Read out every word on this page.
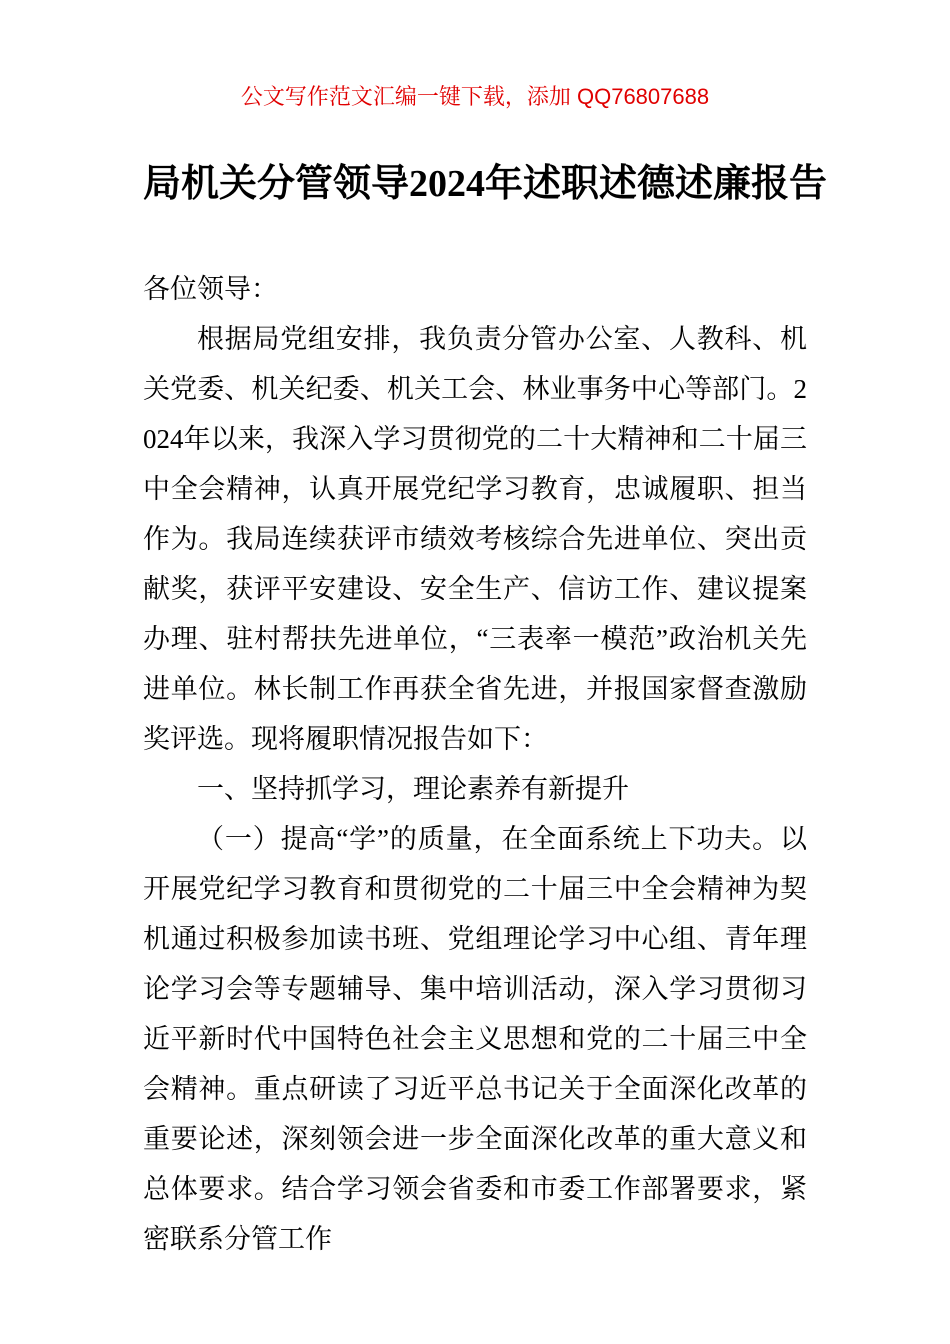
公文写作范文汇编一键下载，添加 QQ76807688
局机关分管领导2024年述职述德述廉报告

各位领导：

根据局党组安排，我负责分管办公室、人教科、机关党委、机关纪委、机关工会、林业事务中心等部门。2024年以来，我深入学习贯彻党的二十大精神和二十届三中全会精神，认真开展党纪学习教育，忠诚履职、担当作为。我局连续获评市绩效考核综合先进单位、突出贡献奖，获评平安建设、安全生产、信访工作、建议提案办理、驻村帮扶先进单位，“三表率一模范”政治机关先进单位。林长制工作再获全省先进，并报国家督查激励奖评选。现将履职情况报告如下：

一、坚持抓学习，理论素养有新提升

（一）提高“学”的质量，在全面系统上下功夫。以开展党纪学习教育和贯彻党的二十届三中全会精神为契机通过积极参加读书班、党组理论学习中心组、青年理论学习会等专题辅导、集中培训活动，深入学习贯彻习近平新时代中国特色社会主义思想和党的二十届三中全会精神。重点研读了习近平总书记关于全面深化改革的重要论述，深刻领会进一步全面深化改革的重大意义和总体要求。结合学习领会省委和市委工作部署要求，紧密联系分管工作
